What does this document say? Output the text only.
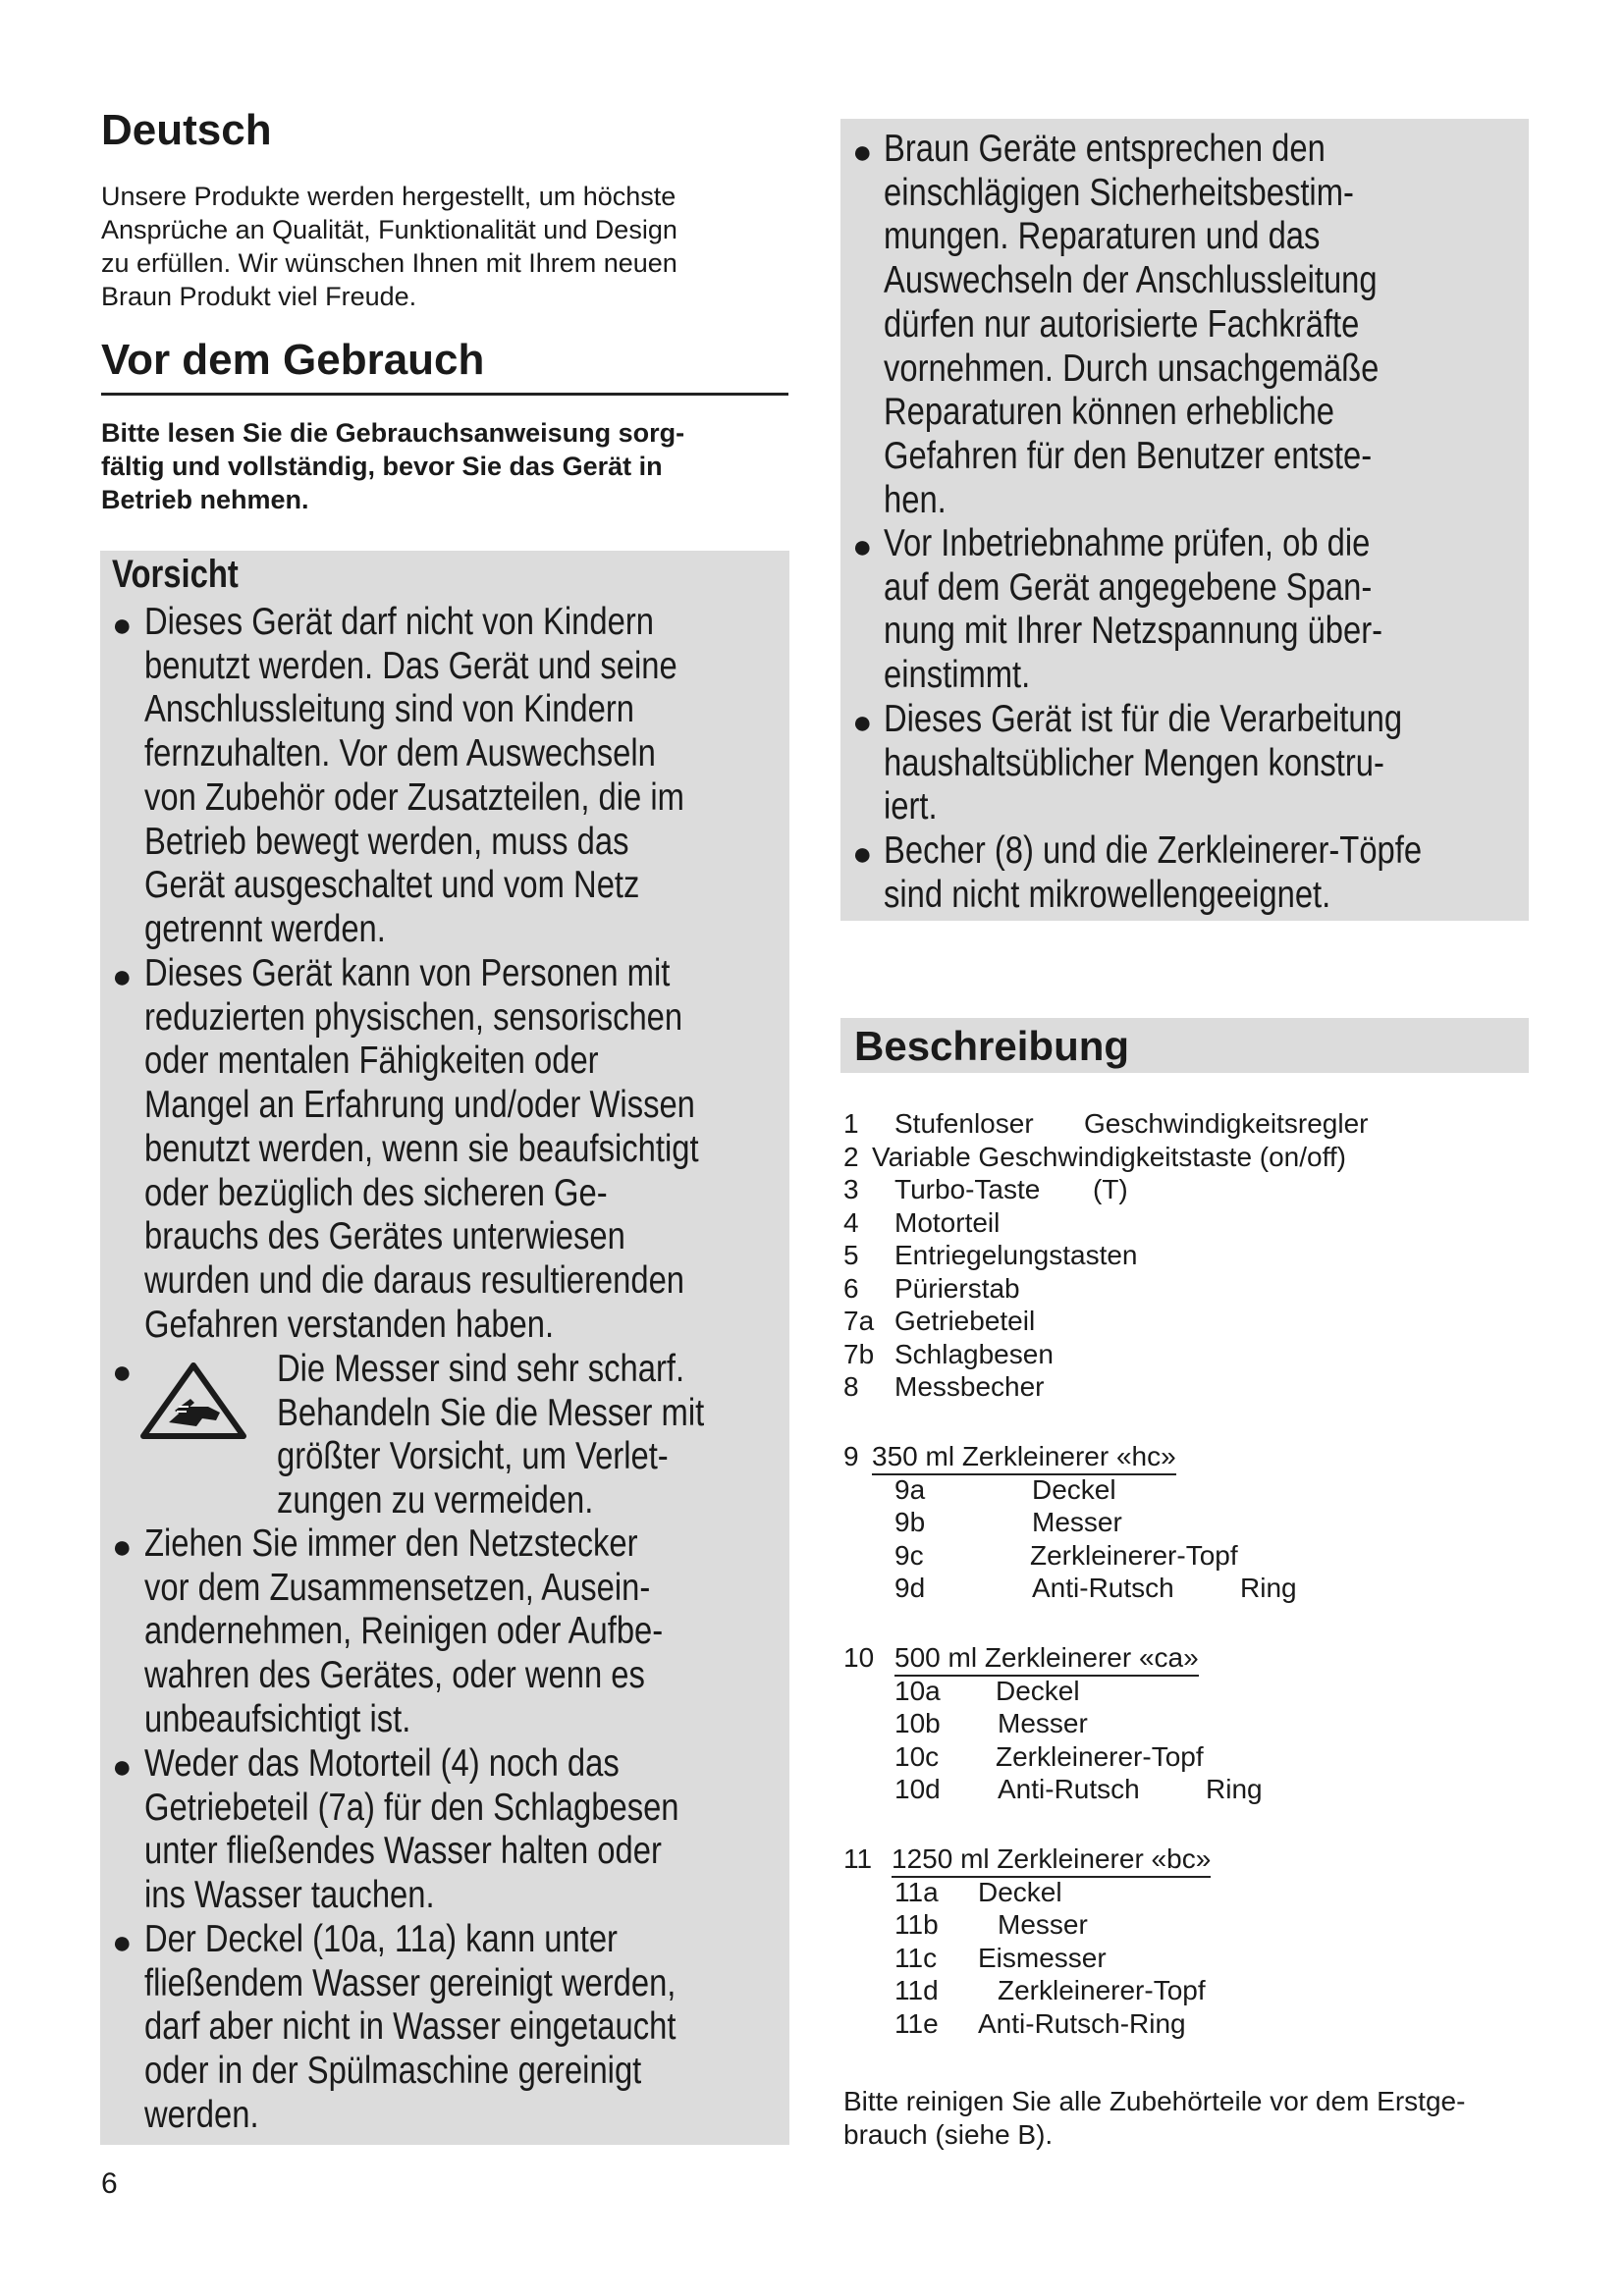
Deutsch
Unsere Produkte werden hergestellt, um höchste
Ansprüche an Qualität, Funktionalität und Design
zu erfüllen. Wir wünschen Ihnen mit Ihrem neuen
Braun Produkt viel Freude.
Vor dem Gebrauch
Bitte lesen Sie die Gebrauchsanweisung sorg-
fältig und vollständig, bevor Sie das Gerät in
Betrieb nehmen.
Vorsicht
● Dieses Gerät darf nicht von Kindern
benutzt werden. Das Gerät und seine
Anschlussleitung sind von Kindern
fernzuhalten. Vor dem Auswechseln
von Zubehör oder Zusatzteilen, die im
Betrieb bewegt werden, muss das
Gerät ausgeschaltet und vom Netz
getrennt werden.
● Dieses Gerät kann von Personen mit
reduzierten physischen, sensorischen
oder mentalen Fähigkeiten oder
Mangel an Erfahrung und/oder Wissen
benutzt werden, wenn sie beaufsichtigt
oder bezüglich des sicheren Ge-
brauchs des Gerätes unterwiesen
wurden und die daraus resultierenden
Gefahren verstanden haben.
●	Die Messer sind sehr scharf.
Behandeln Sie die Messer mit
größter Vorsicht, um Verlet-
zungen zu vermeiden.
● Ziehen Sie immer den Netzstecker
vor dem Zusammensetzen, Ausein-
andernehmen, Reinigen oder Aufbe-
wahren des Gerätes, oder wenn es
unbeaufsichtigt ist.
● Weder das Motorteil (4) noch das
Getriebeteil (7a) für den Schlagbesen
unter fließendes Wasser halten oder
ins Wasser tauchen.
● Der Deckel (10a, 11a) kann unter
fließendem Wasser gereinigt werden,
darf aber nicht in Wasser eingetaucht
oder in der Spülmaschine gereinigt
werden.
6
● Braun Geräte entsprechen den
einschlägigen Sicherheitsbestim-
mungen. Reparaturen und das
Auswechseln der Anschlussleitung
dürfen nur autorisierte Fachkräfte
vornehmen. Durch unsachgemäße
Reparaturen können erhebliche
Gefahren für den Benutzer entste-
hen.
● Vor Inbetriebnahme prüfen, ob die
auf dem Gerät angegebene Span-
nung mit Ihrer Netzspannung über-
einstimmt.
● Dieses Gerät ist für die Verarbeitung
haushaltsüblicher Mengen konstru-
iert.
● Becher (8) und die Zerkleinerer-Töpfe
sind nicht mikrowellengeeignet.
Beschreibung
1 Stufenloser Geschwindigkeitsregler
2 Variable Geschwindigkeitstaste (on/off)
3 Turbo-Taste (T)
4 Motorteil
5 Entriegelungstasten
6 Pürierstab
7a Getriebeteil
7b Schlagbesen
8 Messbecher
9 350 ml Zerkleinerer «hc»
9a	Deckel
9b	Messer
9c	Zerkleinerer-Topf
9d	Anti-Rutsch Ring
10 500 ml Zerkleinerer «ca»
10a Deckel
10b Messer
10c Zerkleinerer-Topf
10d Anti-Rutsch Ring
11 1250 ml Zerkleinerer «bc»
11a Deckel
11b Messer
11c Eismesser
11d Zerkleinerer-Topf
11e Anti-Rutsch-Ring
Bitte reinigen Sie alle Zubehörteile vor dem Erstge-
brauch (siehe B).
